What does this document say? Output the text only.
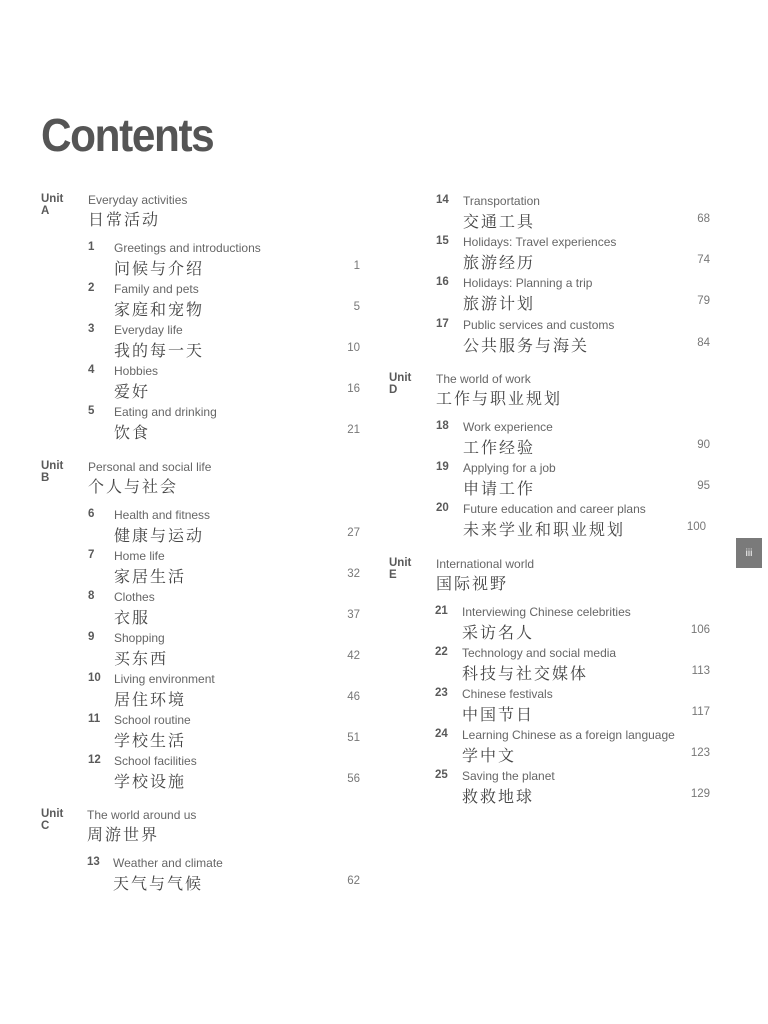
Contents
Unit A
Everyday activities
日常活动
1	Greetings and introductions
问候与介绍	1
2	Family and pets
家庭和宠物	5
3	Everyday life
我的每一天	10
4	Hobbies
爱好	16
5	Eating and drinking
饮食	21
Unit B
Personal and social life
个人与社会
6	Health and fitness
健康与运动	27
7	Home life
家居生活	32
8	Clothes
衣服	37
9	Shopping
买东西	42
10	Living environment
居住环境	46
11	School routine
学校生活	51
12	School facilities
学校设施	56
Unit C
The world around us
周游世界
13	Weather and climate
天气与气候	62
14	Transportation
交通工具	68
15	Holidays: Travel experiences
旅游经历	74
16	Holidays: Planning a trip
旅游计划	79
17	Public services and customs
公共服务与海关	84
Unit D
The world of work
工作与职业规划
18	Work experience
工作经验	90
19	Applying for a job
申请工作	95
20	Future education and career plans
未来学业和职业规划	100
Unit E
International world
国际视野
21	Interviewing Chinese celebrities
采访名人	106
22	Technology and social media
科技与社交媒体	113
23	Chinese festivals
中国节日	117
24	Learning Chinese as a foreign language
学中文	123
25	Saving the planet
救救地球	129
iii
